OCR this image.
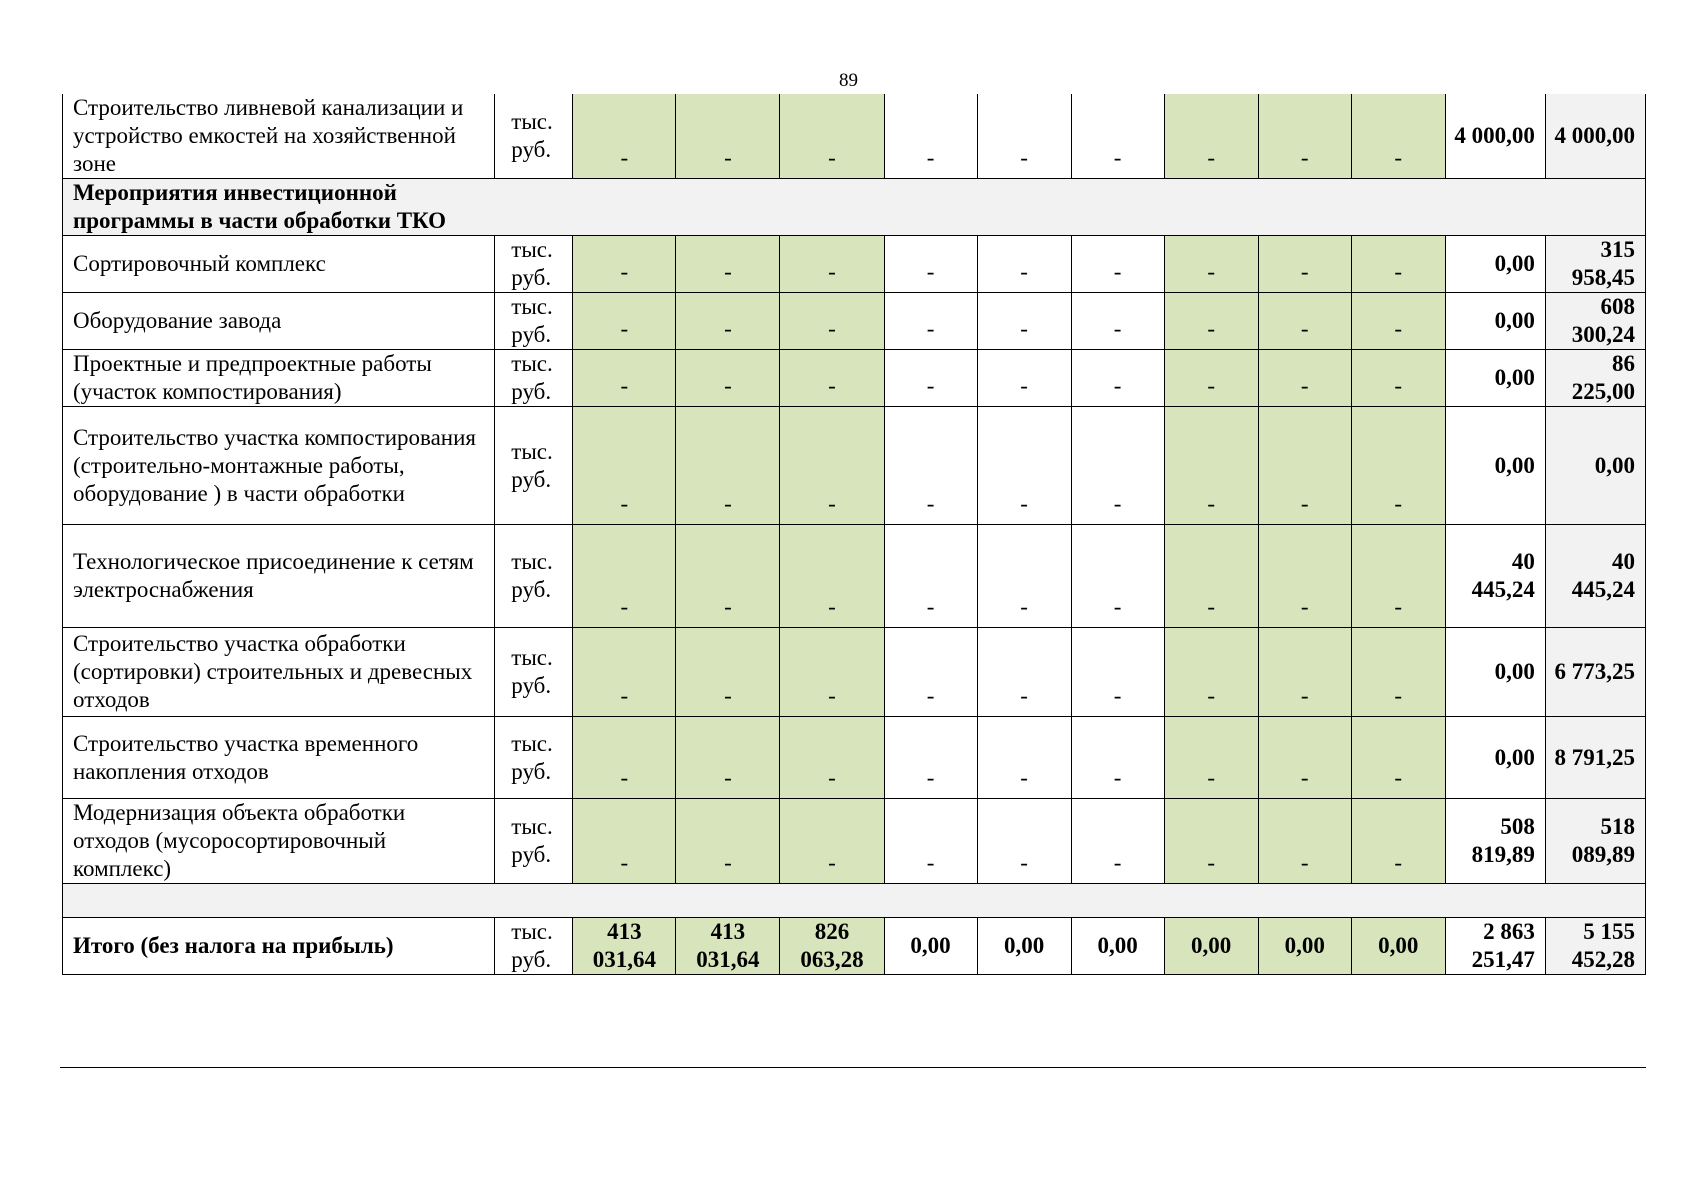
89
Строительство ливневой канализации и устройство емкостей на хозяйственной зоне	тыс. руб.	-	-	-	-	-	-	-	-	-	4 000,00	4 000,00

Мероприятия инвестиционной программы в части обработки ТКО												

Сортировочный комплекс	тыс. руб.	-	-	-	-	-	-	-	-	-	0,00	315 958,45
Оборудование завода	тыс. руб.	-	-	-	-	-	-	-	-	-	0,00	608 300,24
Проектные и предпроектные работы (участок компостирования)	тыс. руб.	-	-	-	-	-	-	-	-	-	0,00	86 225,00
Строительство участка компостирования (строительно-монтажные работы, оборудование ) в части обработки	тыс. руб.	-	-	-	-	-	-	-	-	-	0,00	0,00
Технологическое присоединение к сетям электроснабжения	тыс. руб.	-	-	-	-	-	-	-	-	-	40 445,24	40 445,24
Строительство участка обработки (сортировки) строительных и древесных отходов	тыс. руб.	-	-	-	-	-	-	-	-	-	0,00	6 773,25
Строительство участка временного накопления отходов	тыс. руб.	-	-	-	-	-	-	-	-	-	0,00	8 791,25
Модернизация объекта обработки отходов (мусоросортировочный комплекс)	тыс. руб.	-	-	-	-	-	-	-	-	-	508 819,89	518 089,89

Итого (без налога на прибыль)	тыс. руб.	413 031,64	413 031,64	826 063,28	0,00	0,00	0,00	0,00	0,00	0,00	2 863 251,47	5 155 452,28
